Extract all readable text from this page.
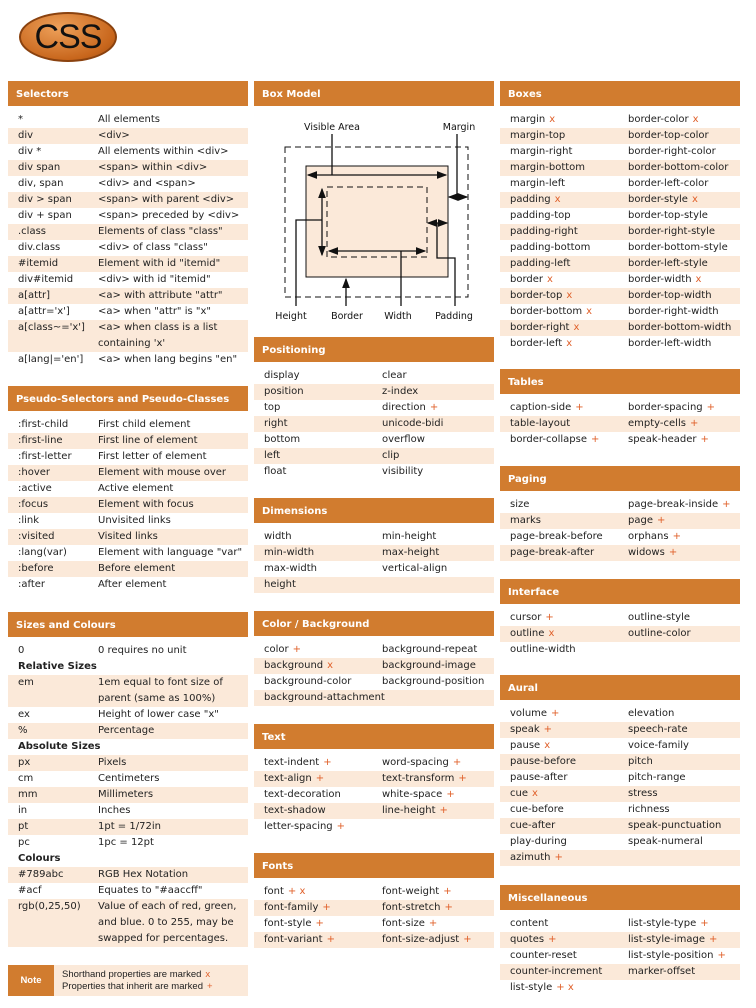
CSS
Selectors
*	All elements
div	<div>
div *	All elements within <div>
div span	<span> within <div>
div, span	<div> and <span>
div > span	<span> with parent <div>
div + span	<span> preceded by <div>
.class	Elements of class "class"
div.class	<div> of class "class"
#itemid	Element with id "itemid"
div#itemid	<div> with id "itemid"
a[attr]	<a> with attribute "attr"
a[attr='x']	<a> when "attr" is "x"
a[class~='x']	<a> when class is a list containing 'x'
a[lang|='en']	<a> when lang begins "en"
Pseudo-Selectors and Pseudo-Classes
:first-child	First child element
:first-line	First line of element
:first-letter	First letter of element
:hover	Element with mouse over
:active	Active element
:focus	Element with focus
:link	Unvisited links
:visited	Visited links
:lang(var)	Element with language "var"
:before	Before element
:after	After element
Sizes and Colours
0	0 requires no unit
Relative Sizes
em	1em equal to font size of parent (same as 100%)
ex	Height of lower case "x"
%	Percentage
Absolute Sizes
px	Pixels
cm	Centimeters
mm	Millimeters
in	Inches
pt	1pt = 1/72in
pc	1pc = 12pt
Colours
#789abc	RGB Hex Notation
#acf	Equates to "#aaccff"
rgb(0,25,50)	Value of each of red, green, and blue. 0 to 255, may be swapped for percentages.
Note
Shorthand properties are marked x
Properties that inherit are marked +
Box Model
Visible Area	Margin
Height	Border Width Padding
Positioning
display	clear
position	z-index
top	direction +
right	unicode-bidi
bottom	overflow
left	clip
float	visibility
Dimensions
width	min-height
min-width	max-height
max-width	vertical-align
height
Color / Background
color +	background-repeat
background x	background-image
background-color	background-position
background-attachment
Text
text-indent +	word-spacing +
text-align +	text-transform +
text-decoration	white-space +
text-shadow	line-height +
letter-spacing +
Fonts
font + x	font-weight +
font-family +	font-stretch +
font-style +	font-size +
font-variant +	font-size-adjust +
Boxes
margin x	border-color x
margin-top	border-top-color
margin-right	border-right-color
margin-bottom	border-bottom-color
margin-left	border-left-color
padding x	border-style x
padding-top	border-top-style
padding-right	border-right-style
padding-bottom	border-bottom-style
padding-left	border-left-style
border x	border-width x
border-top x	border-top-width
border-bottom x	border-right-width
border-right x	border-bottom-width
border-left x	border-left-width
Tables
caption-side +	border-spacing +
table-layout	empty-cells +
border-collapse +	speak-header +
Paging
size	page-break-inside +
marks	page +
page-break-before	orphans +
page-break-after	widows +
Interface
cursor +	outline-style
outline x	outline-color
outline-width
Aural
volume +	elevation
speak +	speech-rate
pause x	voice-family
pause-before	pitch
pause-after	pitch-range
cue x	stress
cue-before	richness
cue-after	speak-punctuation
play-during	speak-numeral
azimuth +
Miscellaneous
content	list-style-type +
quotes +	list-style-image +
counter-reset	list-style-position +
counter-increment	marker-offset
list-style + x
